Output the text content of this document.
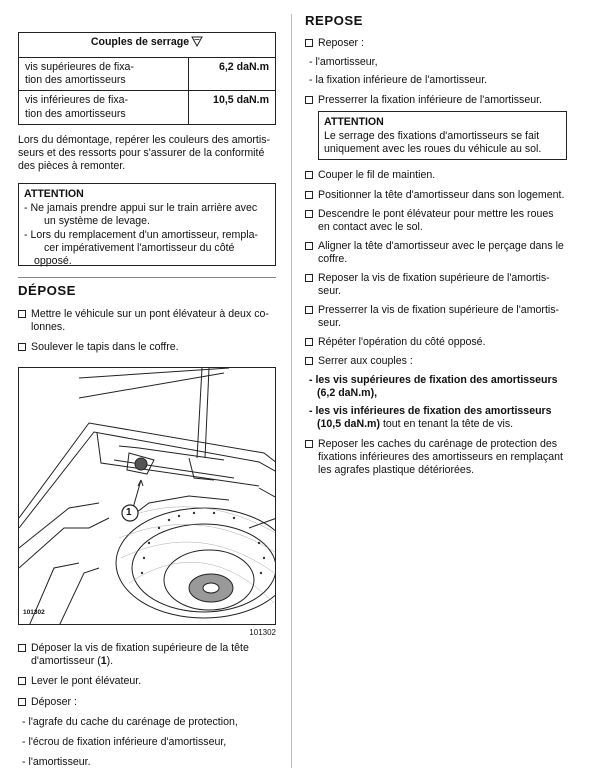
Couples de serrage	
vis supérieures de fixa-
tion des amortisseurs	6,2 daN.m
vis inférieures de fixa-
tion des amortisseurs	10,5 daN.m
Lors du démontage, repérer les couleurs des amortis-
seurs et des ressorts pour s'assurer de la conformité
des pièces à remonter.
ATTENTION
- Ne jamais prendre appui sur le train arrière avec
un système de levage.
- Lors du remplacement d'un amortisseur, rempla-
cer impérativement l'amortisseur du côté opposé.
DÉPOSE
Mettre le véhicule sur un pont élévateur à deux co-
lonnes.
Soulever le tapis dans le coffre.
1
101302
101302
Déposer la vis de fixation supérieure de la tête
d'amortisseur (1).
Lever le pont élévateur.
Déposer :
- l'agrafe du cache du carénage de protection,
- l'écrou de fixation inférieure d'amortisseur,
- l'amortisseur.
REPOSE
Reposer :
- l'amortisseur,
- la fixation inférieure de l'amortisseur.
Presserrer la fixation inférieure de l'amortisseur.
ATTENTION
Le serrage des fixations d'amortisseurs se fait
uniquement avec les roues du véhicule au sol.
Couper le fil de maintien.
Positionner la tête d'amortisseur dans son logement.
Descendre le pont élévateur pour mettre les roues
en contact avec le sol.
Aligner la tête d'amortisseur avec le perçage dans le
coffre.
Reposer la vis de fixation supérieure de l'amortis-
seur.
Presserrer la vis de fixation supérieure de l'amortis-
seur.
Répéter l'opération du côté opposé.
Serrer aux couples :
- les vis supérieures de fixation des amortisseurs
(6,2 daN.m),
- les vis inférieures de fixation des amortisseurs
(10,5 daN.m) tout en tenant la tête de vis.
Reposer les caches du carénage de protection des
fixations inférieures des amortisseurs en remplaçant
les agrafes plastique détériorées.
